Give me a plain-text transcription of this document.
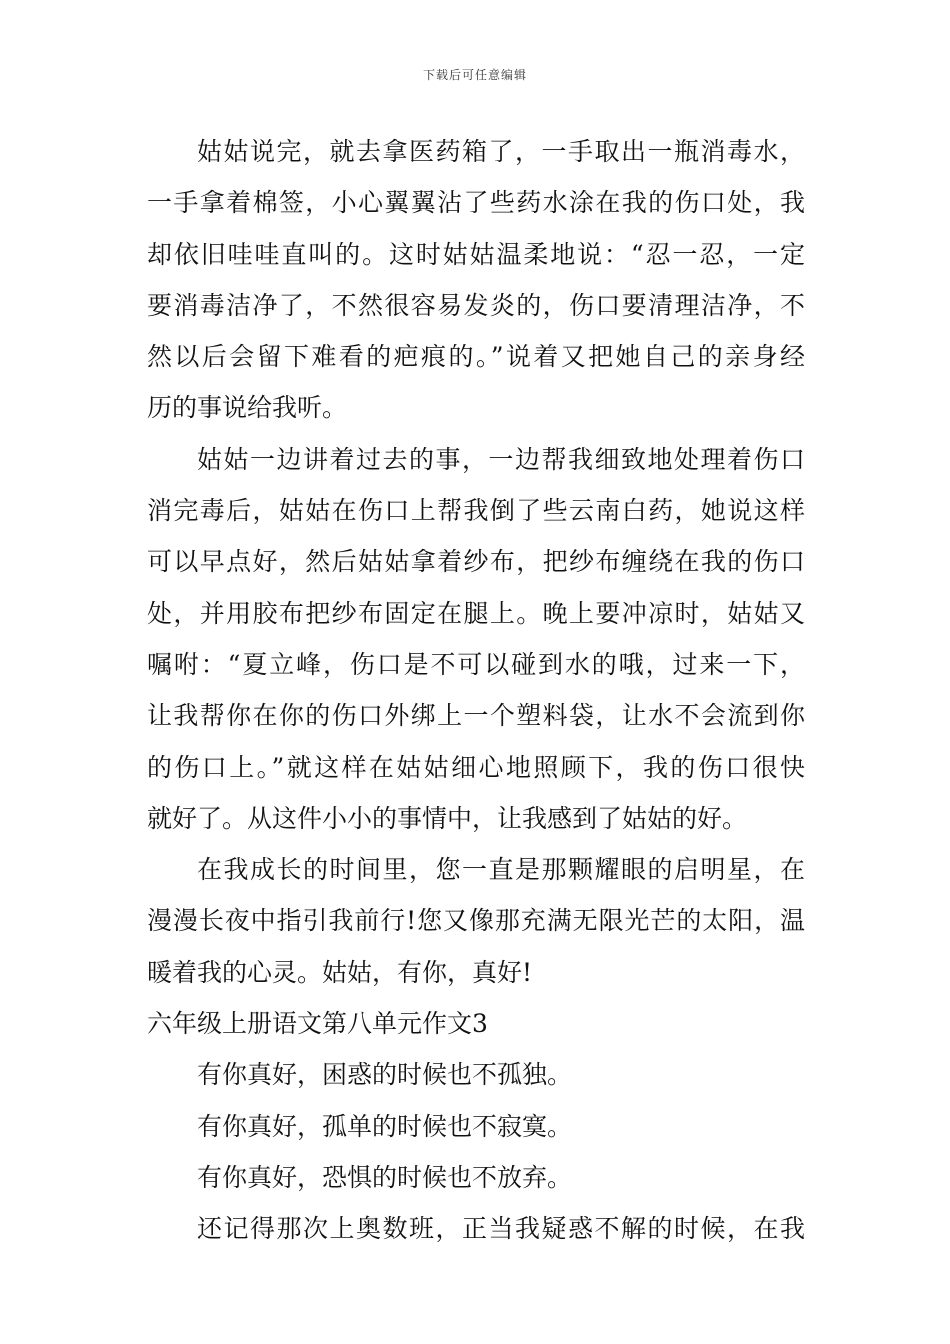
下载后可任意编辑
姑姑说完，就去拿医药箱了，一手取出一瓶消毒水，
一手拿着棉签，小心翼翼沾了些药水涂在我的伤口处，我
却依旧哇哇直叫的。这时姑姑温柔地说：“忍一忍，一定
要消毒洁净了，不然很容易发炎的，伤口要清理洁净，不
然以后会留下难看的疤痕的。”说着又把她自己的亲身经
历的事说给我听。
姑姑一边讲着过去的事，一边帮我细致地处理着伤口
消完毒后，姑姑在伤口上帮我倒了些云南白药，她说这样
可以早点好，然后姑姑拿着纱布，把纱布缠绕在我的伤口
处，并用胶布把纱布固定在腿上。晚上要冲凉时，姑姑又
嘱咐：“夏立峰，伤口是不可以碰到水的哦，过来一下，
让我帮你在你的伤口外绑上一个塑料袋，让水不会流到你
的伤口上。”就这样在姑姑细心地照顾下，我的伤口很快
就好了。从这件小小的事情中，让我感到了姑姑的好。
在我成长的时间里，您一直是那颗耀眼的启明星，在
漫漫长夜中指引我前行!您又像那充满无限光芒的太阳，温
暖着我的心灵。姑姑，有你，真好!
六年级上册语文第八单元作文3
有你真好，困惑的时候也不孤独。
有你真好，孤单的时候也不寂寞。
有你真好，恐惧的时候也不放弃。
还记得那次上奥数班，正当我疑惑不解的时候，在我
